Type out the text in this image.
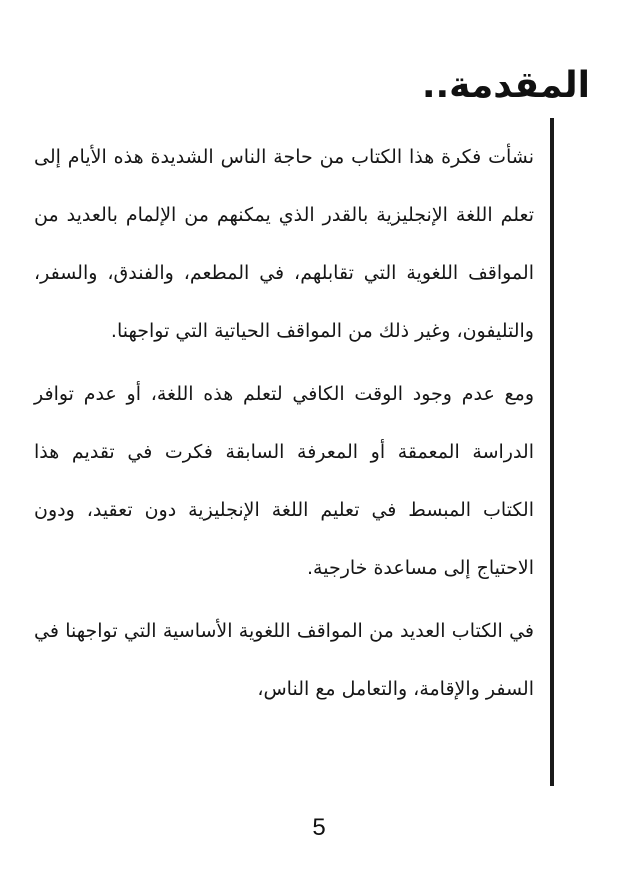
المقدمة..

نشأت فكرة هذا الكتاب من حاجة الناس الشديدة هذه الأيام إلى تعلم اللغة الإنجليزية بالقدر الذي يمكنهم من الإلمام بالعديد من المواقف اللغوية التي تقابلهم، في المطعم، والفندق، والسفر، والتليفون، وغير ذلك من المواقف الحياتية التي تواجهنا.

ومع عدم وجود الوقت الكافي لتعلم هذه اللغة، أو عدم توافر الدراسة المعمقة أو المعرفة السابقة فكرت في تقديم هذا الكتاب المبسط في تعليم اللغة الإنجليزية دون تعقيد، ودون الاحتياج إلى مساعدة خارجية.

في الكتاب العديد من المواقف اللغوية الأساسية التي تواجهنا في السفر والإقامة، والتعامل مع الناس،

5
